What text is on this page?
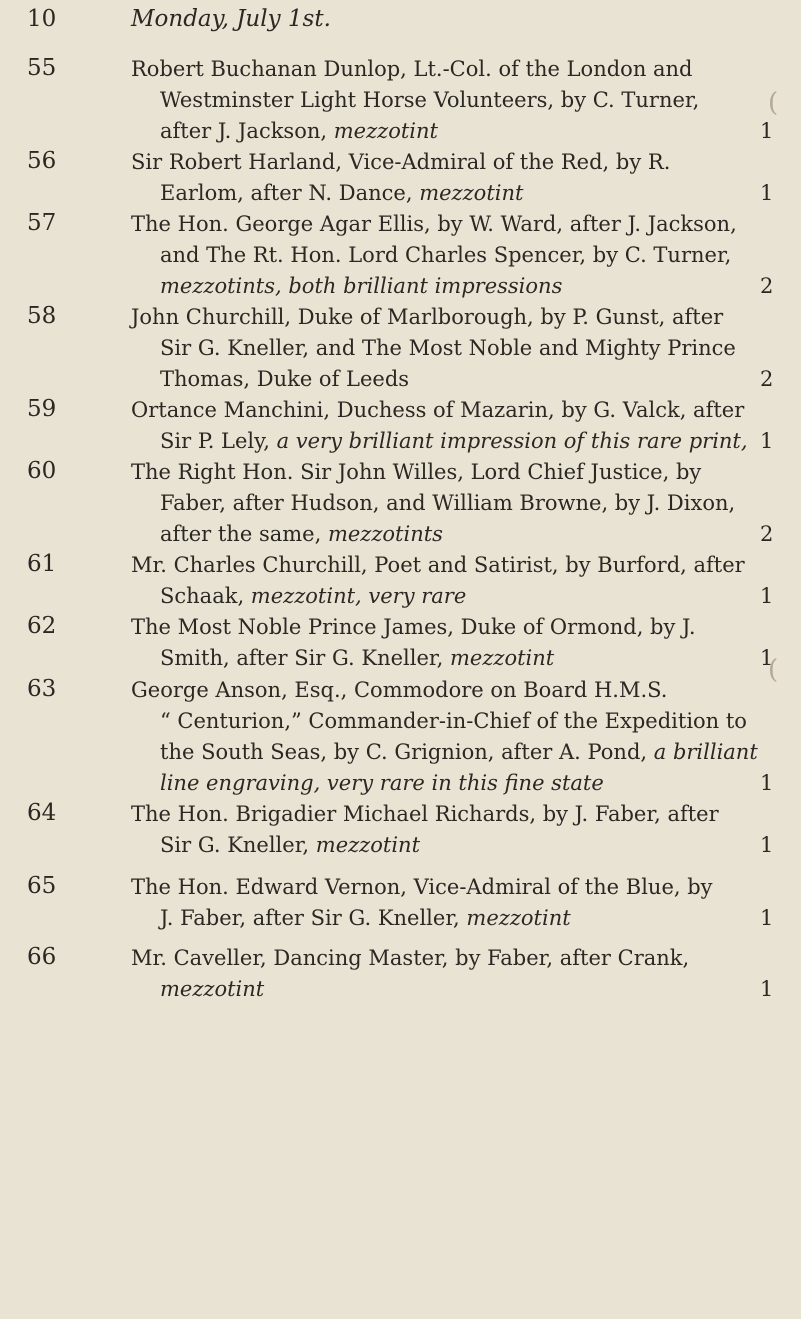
10	Monday, July 1st.
55	Robert Buchanan Dunlop, Lt.-Col. of the London and
Westminster Light Horse Volunteers, by C. Turner,
after J. Jackson, mezzotint	1
56	Sir Robert Harland, Vice-Admiral of the Red, by R.
Earlom, after N. Dance, mezzotint	1
57	The Hon. George Agar Ellis, by W. Ward, after J. Jackson,
and The Rt. Hon. Lord Charles Spencer, by C. Turner,
mezzotints, both brilliant impressions	2
58	John Churchill, Duke of Marlborough, by P. Gunst, after
Sir G. Kneller, and The Most Noble and Mighty Prince
Thomas, Duke of Leeds	2
59	Ortance Manchini, Duchess of Mazarin, by G. Valck, after
Sir P. Lely, a very brilliant impression of this rare print, 1
60	The Right Hon. Sir John Willes, Lord Chief Justice, by
Faber, after Hudson, and William Browne, by J. Dixon,
after the same, mezzotints	2
61	Mr. Charles Churchill, Poet and Satirist, by Burford, after
Schaak, mezzotint, very rare	1
62	The Most Noble Prince James, Duke of Ormond, by J.
Smith, after Sir G. Kneller, mezzotint	1
63	George Anson, Esq., Commodore on Board H.M.S.
“ Centurion,” Commander-in-Chief of the Expedition to
the South Seas, by C. Grignion, after A. Pond, a brilliant
line engraving, very rare in this fine state	1
64	The Hon. Brigadier Michael Richards, by J. Faber, after
Sir G. Kneller, mezzotint	1
65	The Hon. Edward Vernon, Vice-Admiral of the Blue, by
J. Faber, after Sir G. Kneller, mezzotint	1
66	Mr. Caveller, Dancing Master, by Faber, after Crank,
mezzotint	1
(
(
